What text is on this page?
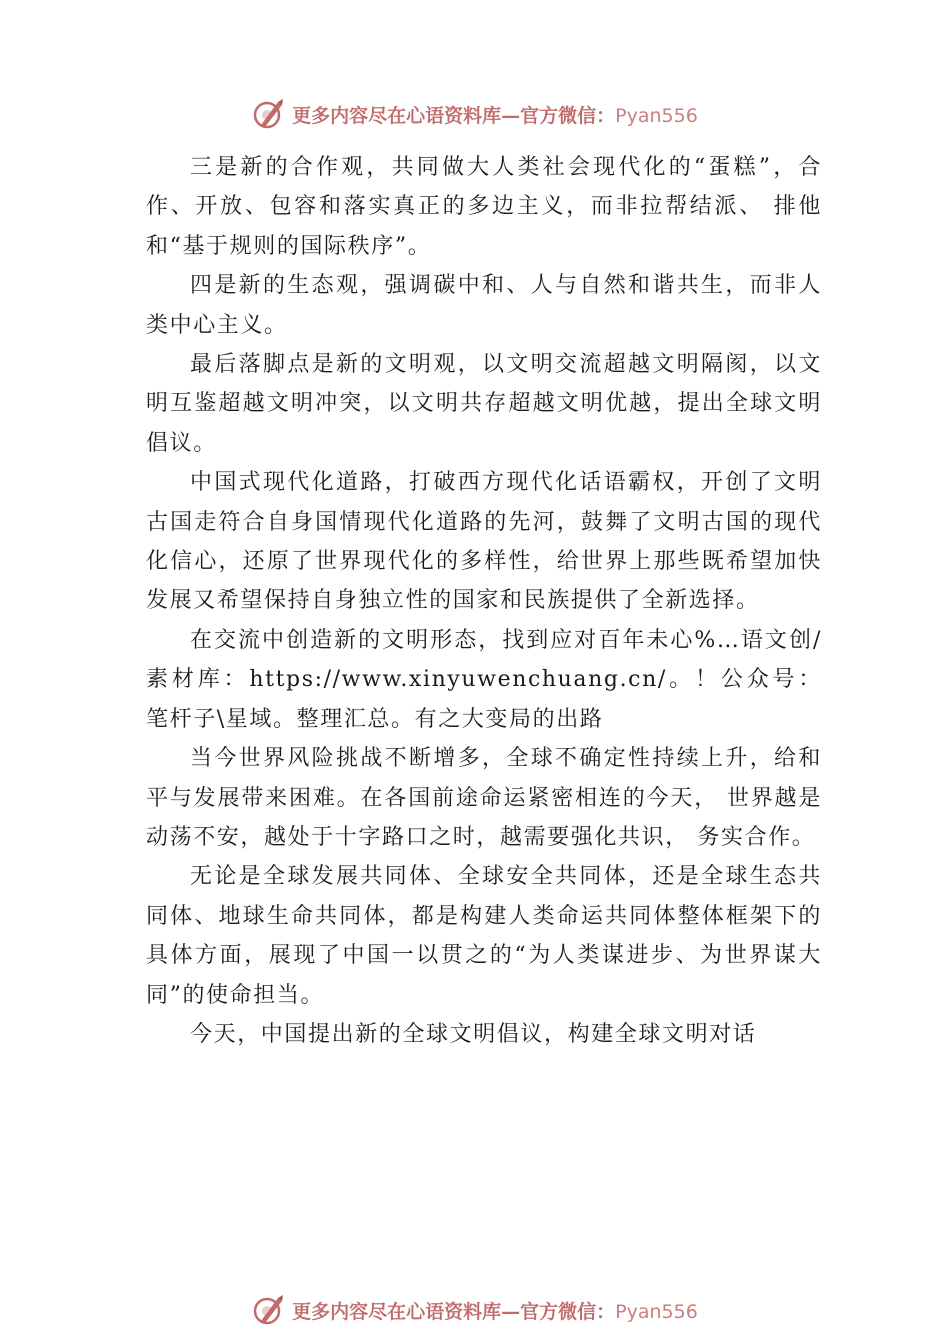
更多内容尽在心语资料库—官方微信：Pyan556

三是新的合作观，共同做大人类社会现代化的“蛋糕”，合作、开放、包容和落实真正的多边主义，而非拉帮结派、 排他和“基于规则的国际秩序”。

四是新的生态观，强调碳中和、人与自然和谐共生，而非人类中心主义。

最后落脚点是新的文明观，以文明交流超越文明隔阂，以文明互鉴超越文明冲突，以文明共存超越文明优越，提出全球文明倡议。

中国式现代化道路，打破西方现代化话语霸权，开创了文明古国走符合自身国情现代化道路的先河，鼓舞了文明古国的现代化信心，还原了世界现代化的多样性，给世界上那些既希望加快发展又希望保持自身独立性的国家和民族提供了全新选择。

在交流中创造新的文明形态，找到应对百年未心%…语文创/素材库：https://www.xinyuwenchuang.cn/。！公众号：笔杆子\星域。整理汇总。有之大变局的出路

当今世界风险挑战不断增多，全球不确定性持续上升，给和平与发展带来困难。在各国前途命运紧密相连的今天， 世界越是动荡不安，越处于十字路口之时，越需要强化共识， 务实合作。

无论是全球发展共同体、全球安全共同体，还是全球生态共同体、地球生命共同体，都是构建人类命运共同体整体框架下的具体方面，展现了中国一以贯之的“为人类谋进步、为世界谋大同”的使命担当。

今天，中国提出新的全球文明倡议，构建全球文明对话

更多内容尽在心语资料库—官方微信：Pyan556
